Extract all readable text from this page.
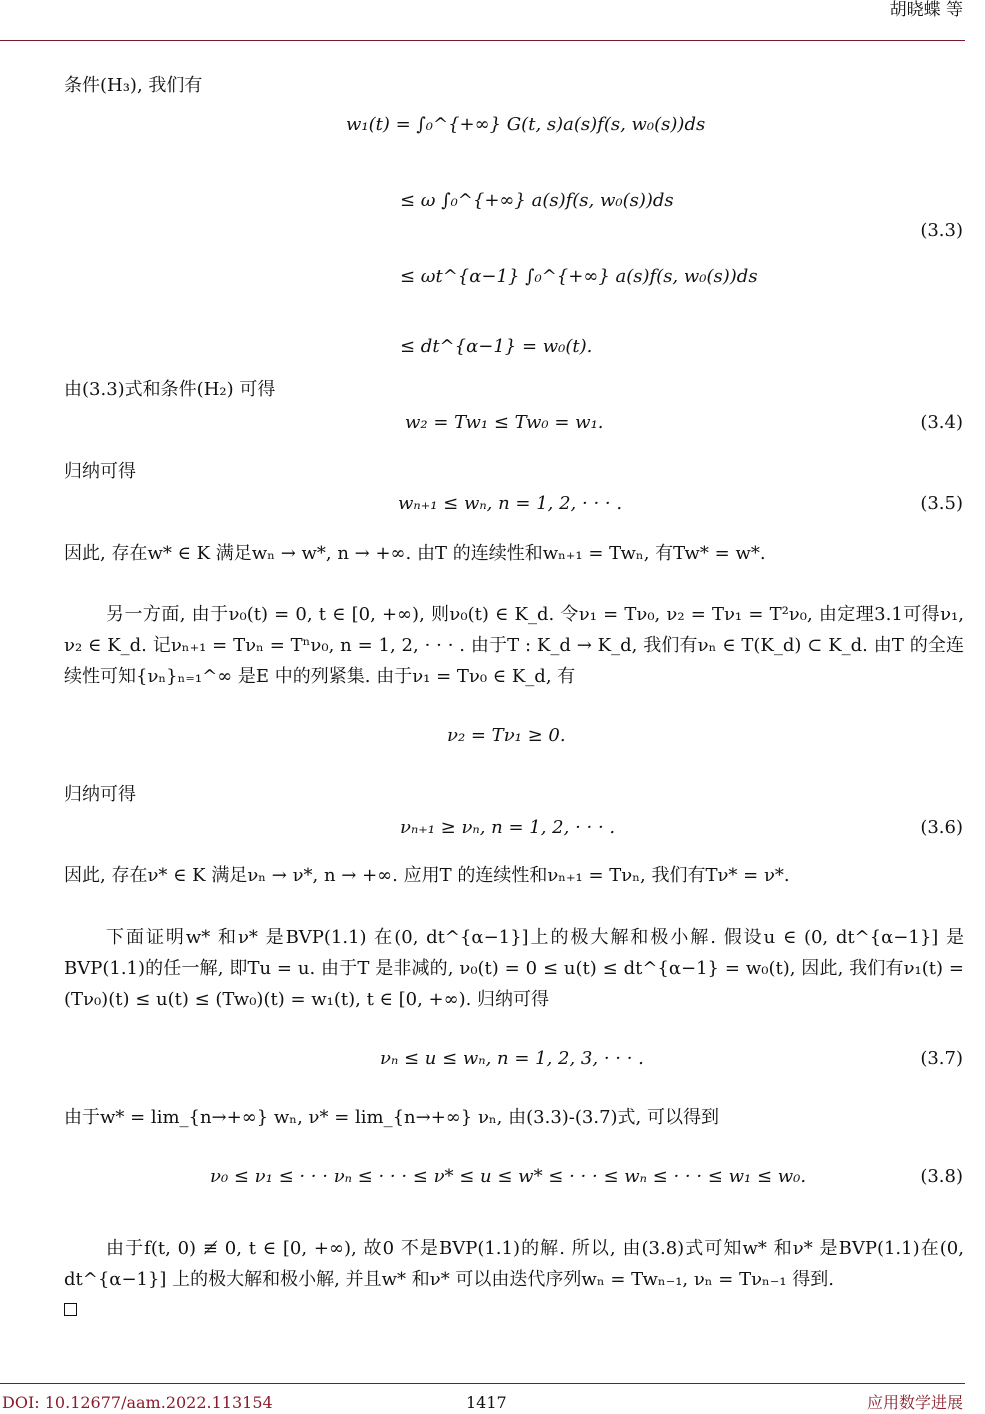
胡晓蝶 等
条件(H₃), 我们有
w₁(t) = ∫₀^{+∞} G(t, s)a(s)f(s, w₀(s))ds
≤ ω ∫₀^{+∞} a(s)f(s, w₀(s))ds
≤ ωt^{α−1} ∫₀^{+∞} a(s)f(s, w₀(s))ds
≤ dt^{α−1} = w₀(t).
(3.3)
由(3.3)式和条件(H₂) 可得
w₂ = Tw₁ ≤ Tw₀ = w₁.	(3.4)
归纳可得
wₙ₊₁ ≤ wₙ, n = 1, 2, · · · .	(3.5)
因此, 存在w* ∈ K 满足wₙ → w*, n → +∞. 由T 的连续性和wₙ₊₁ = Twₙ, 有Tw* = w*.
另一方面, 由于ν₀(t) = 0, t ∈ [0, +∞), 则ν₀(t) ∈ K_d. 令ν₁ = Tν₀, ν₂ = Tν₁ = T²ν₀, 由定理3.1可得ν₁, ν₂ ∈ K_d. 记νₙ₊₁ = Tνₙ = Tⁿν₀, n = 1, 2, · · · . 由于T : K_d → K_d, 我们有νₙ ∈ T(K_d) ⊂ K_d. 由T 的全连续性可知{νₙ}ₙ₌₁^∞ 是E 中的列紧集. 由于ν₁ = Tν₀ ∈ K_d, 有
ν₂ = Tν₁ ≥ 0.
归纳可得
νₙ₊₁ ≥ νₙ, n = 1, 2, · · · .	(3.6)
因此, 存在ν* ∈ K 满足νₙ → ν*, n → +∞. 应用T 的连续性和νₙ₊₁ = Tνₙ, 我们有Tν* = ν*.
下面证明w* 和ν* 是BVP(1.1) 在(0, dt^{α−1}]上的极大解和极小解. 假设u ∈ (0, dt^{α−1}] 是BVP(1.1)的任一解, 即Tu = u. 由于T 是非减的, ν₀(t) = 0 ≤ u(t) ≤ dt^{α−1} = w₀(t), 因此, 我们有ν₁(t) = (Tν₀)(t) ≤ u(t) ≤ (Tw₀)(t) = w₁(t), t ∈ [0, +∞). 归纳可得
νₙ ≤ u ≤ wₙ, n = 1, 2, 3, · · · .	(3.7)
由于w* = lim_{n→+∞} wₙ, ν* = lim_{n→+∞} νₙ, 由(3.3)-(3.7)式, 可以得到
ν₀ ≤ ν₁ ≤ · · · νₙ ≤ · · · ≤ ν* ≤ u ≤ w* ≤ · · · ≤ wₙ ≤ · · · ≤ w₁ ≤ w₀.	(3.8)
由于f(t, 0) ≢ 0, t ∈ [0, +∞), 故0 不是BVP(1.1)的解. 所以, 由(3.8)式可知w* 和ν* 是BVP(1.1)在(0, dt^{α−1}] 上的极大解和极小解, 并且w* 和ν* 可以由迭代序列wₙ = Twₙ₋₁, νₙ = Tνₙ₋₁ 得到.

DOI: 10.12677/aam.2022.113154	1417	应用数学进展
